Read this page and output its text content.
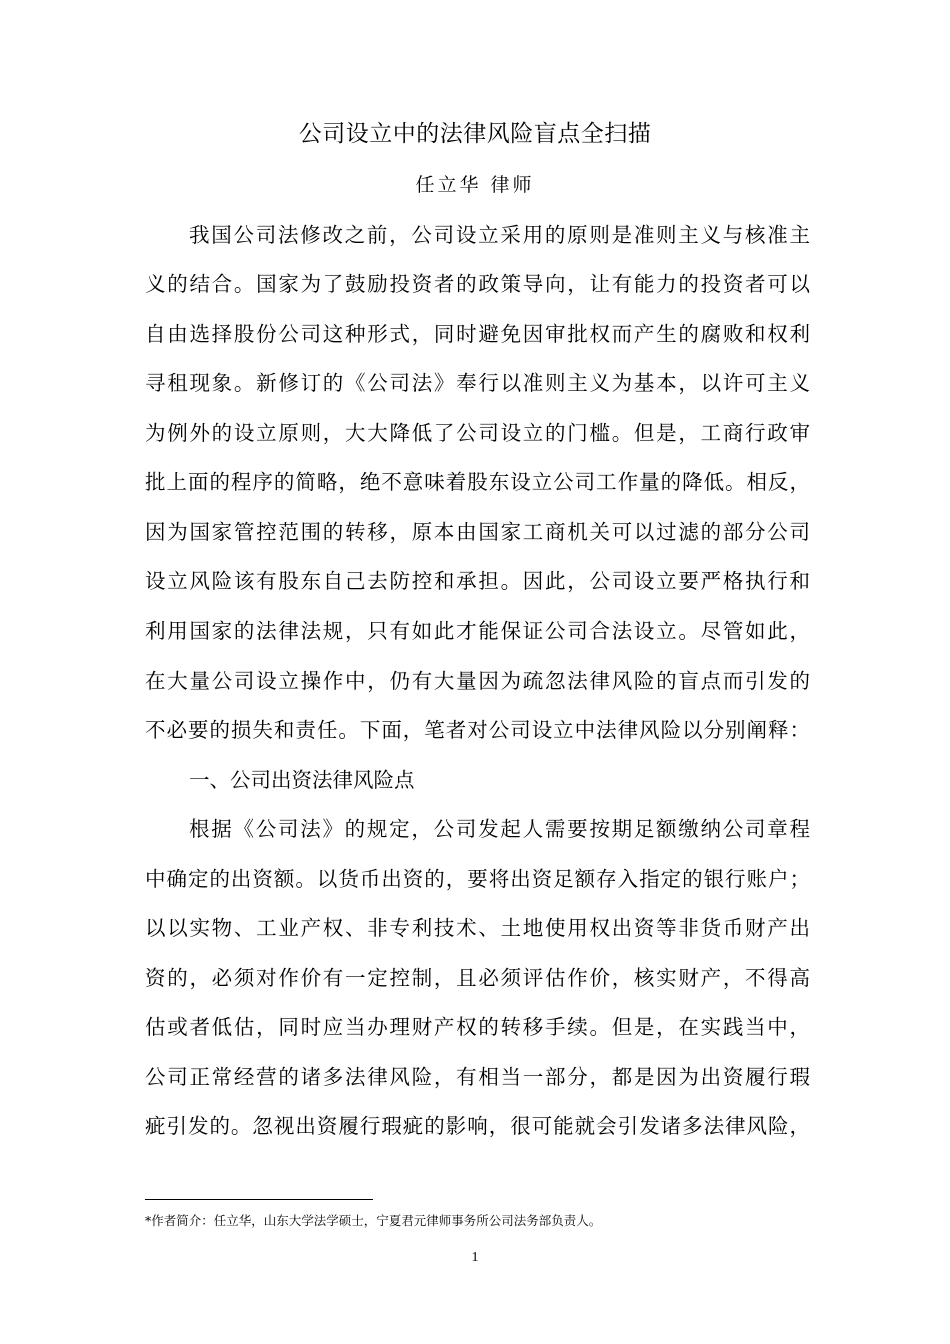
公司设立中的法律风险盲点全扫描
任立华 律师
我国公司法修改之前，公司设立采用的原则是准则主义与核准主
义的结合。国家为了鼓励投资者的政策导向，让有能力的投资者可以
自由选择股份公司这种形式，同时避免因审批权而产生的腐败和权利
寻租现象。新修订的《公司法》奉行以准则主义为基本，以许可主义
为例外的设立原则，大大降低了公司设立的门槛。但是，工商行政审
批上面的程序的简略，绝不意味着股东设立公司工作量的降低。相反，
因为国家管控范围的转移，原本由国家工商机关可以过滤的部分公司
设立风险该有股东自己去防控和承担。因此，公司设立要严格执行和
利用国家的法律法规，只有如此才能保证公司合法设立。尽管如此，
在大量公司设立操作中，仍有大量因为疏忽法律风险的盲点而引发的
不必要的损失和责任。下面，笔者对公司设立中法律风险以分别阐释：
一、公司出资法律风险点
根据《公司法》的规定，公司发起人需要按期足额缴纳公司章程
中确定的出资额。以货币出资的，要将出资足额存入指定的银行账户；
以以实物、工业产权、非专利技术、土地使用权出资等非货币财产出
资的，必须对作价有一定控制，且必须评估作价，核实财产，不得高
估或者低估，同时应当办理财产权的转移手续。但是，在实践当中，
公司正常经营的诸多法律风险，有相当一部分，都是因为出资履行瑕
疵引发的。忽视出资履行瑕疵的影响，很可能就会引发诸多法律风险，
*作者简介：任立华，山东大学法学硕士，宁夏君元律师事务所公司法务部负责人。
1
